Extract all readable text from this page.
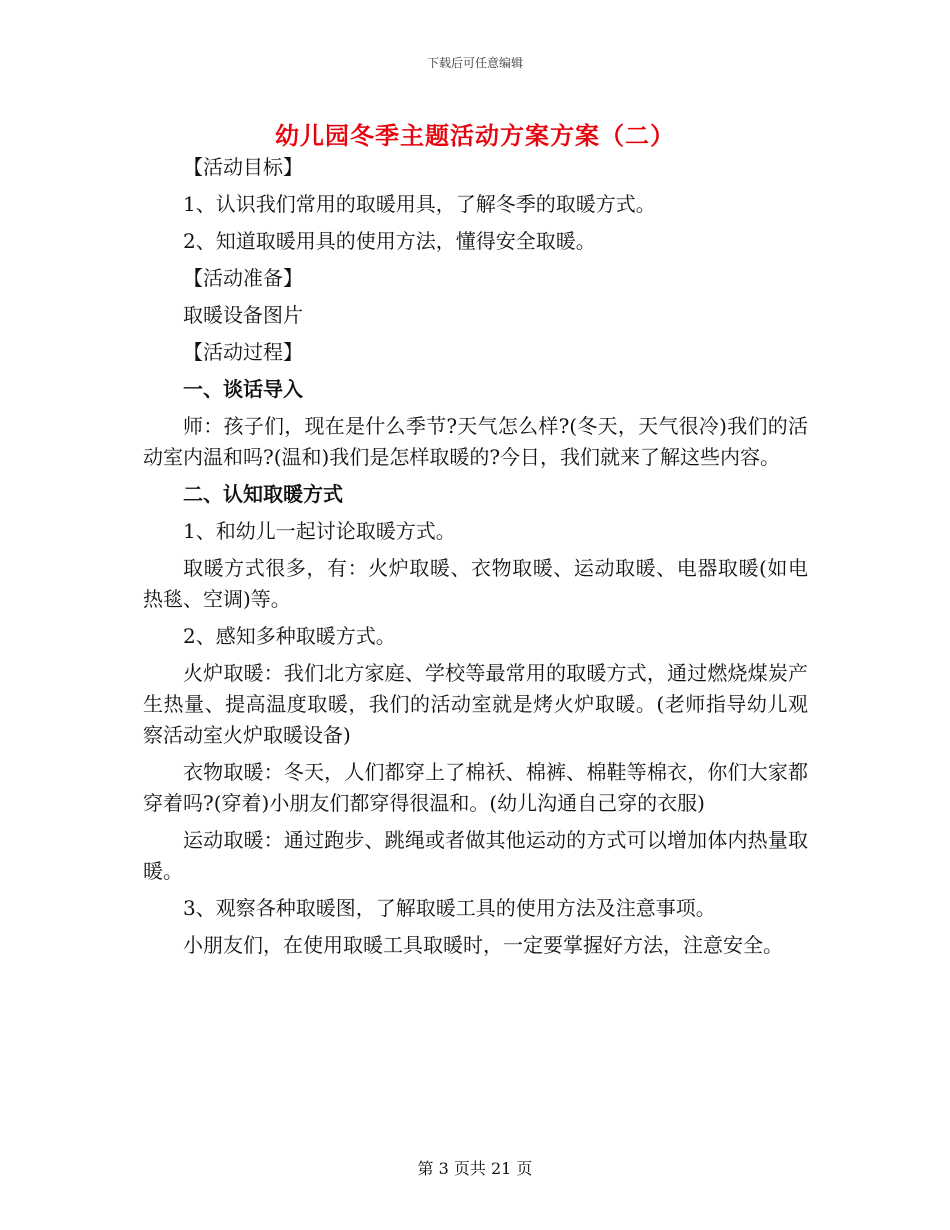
下载后可任意编辑
幼儿园冬季主题活动方案方案（二）

【活动目标】

1、认识我们常用的取暖用具，了解冬季的取暖方式。

2、知道取暖用具的使用方法，懂得安全取暖。

【活动准备】

取暖设备图片

【活动过程】

一、谈话导入

师：孩子们，现在是什么季节?天气怎么样?(冬天，天气很冷)我们的活动室内温和吗?(温和)我们是怎样取暖的?今日，我们就来了解这些内容。

二、认知取暖方式

1、和幼儿一起讨论取暖方式。

取暖方式很多，有：火炉取暖、衣物取暖、运动取暖、电器取暖(如电热毯、空调)等。

2、感知多种取暖方式。

火炉取暖：我们北方家庭、学校等最常用的取暖方式，通过燃烧煤炭产生热量、提高温度取暖，我们的活动室就是烤火炉取暖。(老师指导幼儿观察活动室火炉取暖设备)

衣物取暖：冬天，人们都穿上了棉袄、棉裤、棉鞋等棉衣，你们大家都穿着吗?(穿着)小朋友们都穿得很温和。(幼儿沟通自己穿的衣服)

运动取暖：通过跑步、跳绳或者做其他运动的方式可以增加体内热量取暖。

3、观察各种取暖图，了解取暖工具的使用方法及注意事项。

小朋友们，在使用取暖工具取暖时，一定要掌握好方法，注意安全。

第 3 页共 21 页
